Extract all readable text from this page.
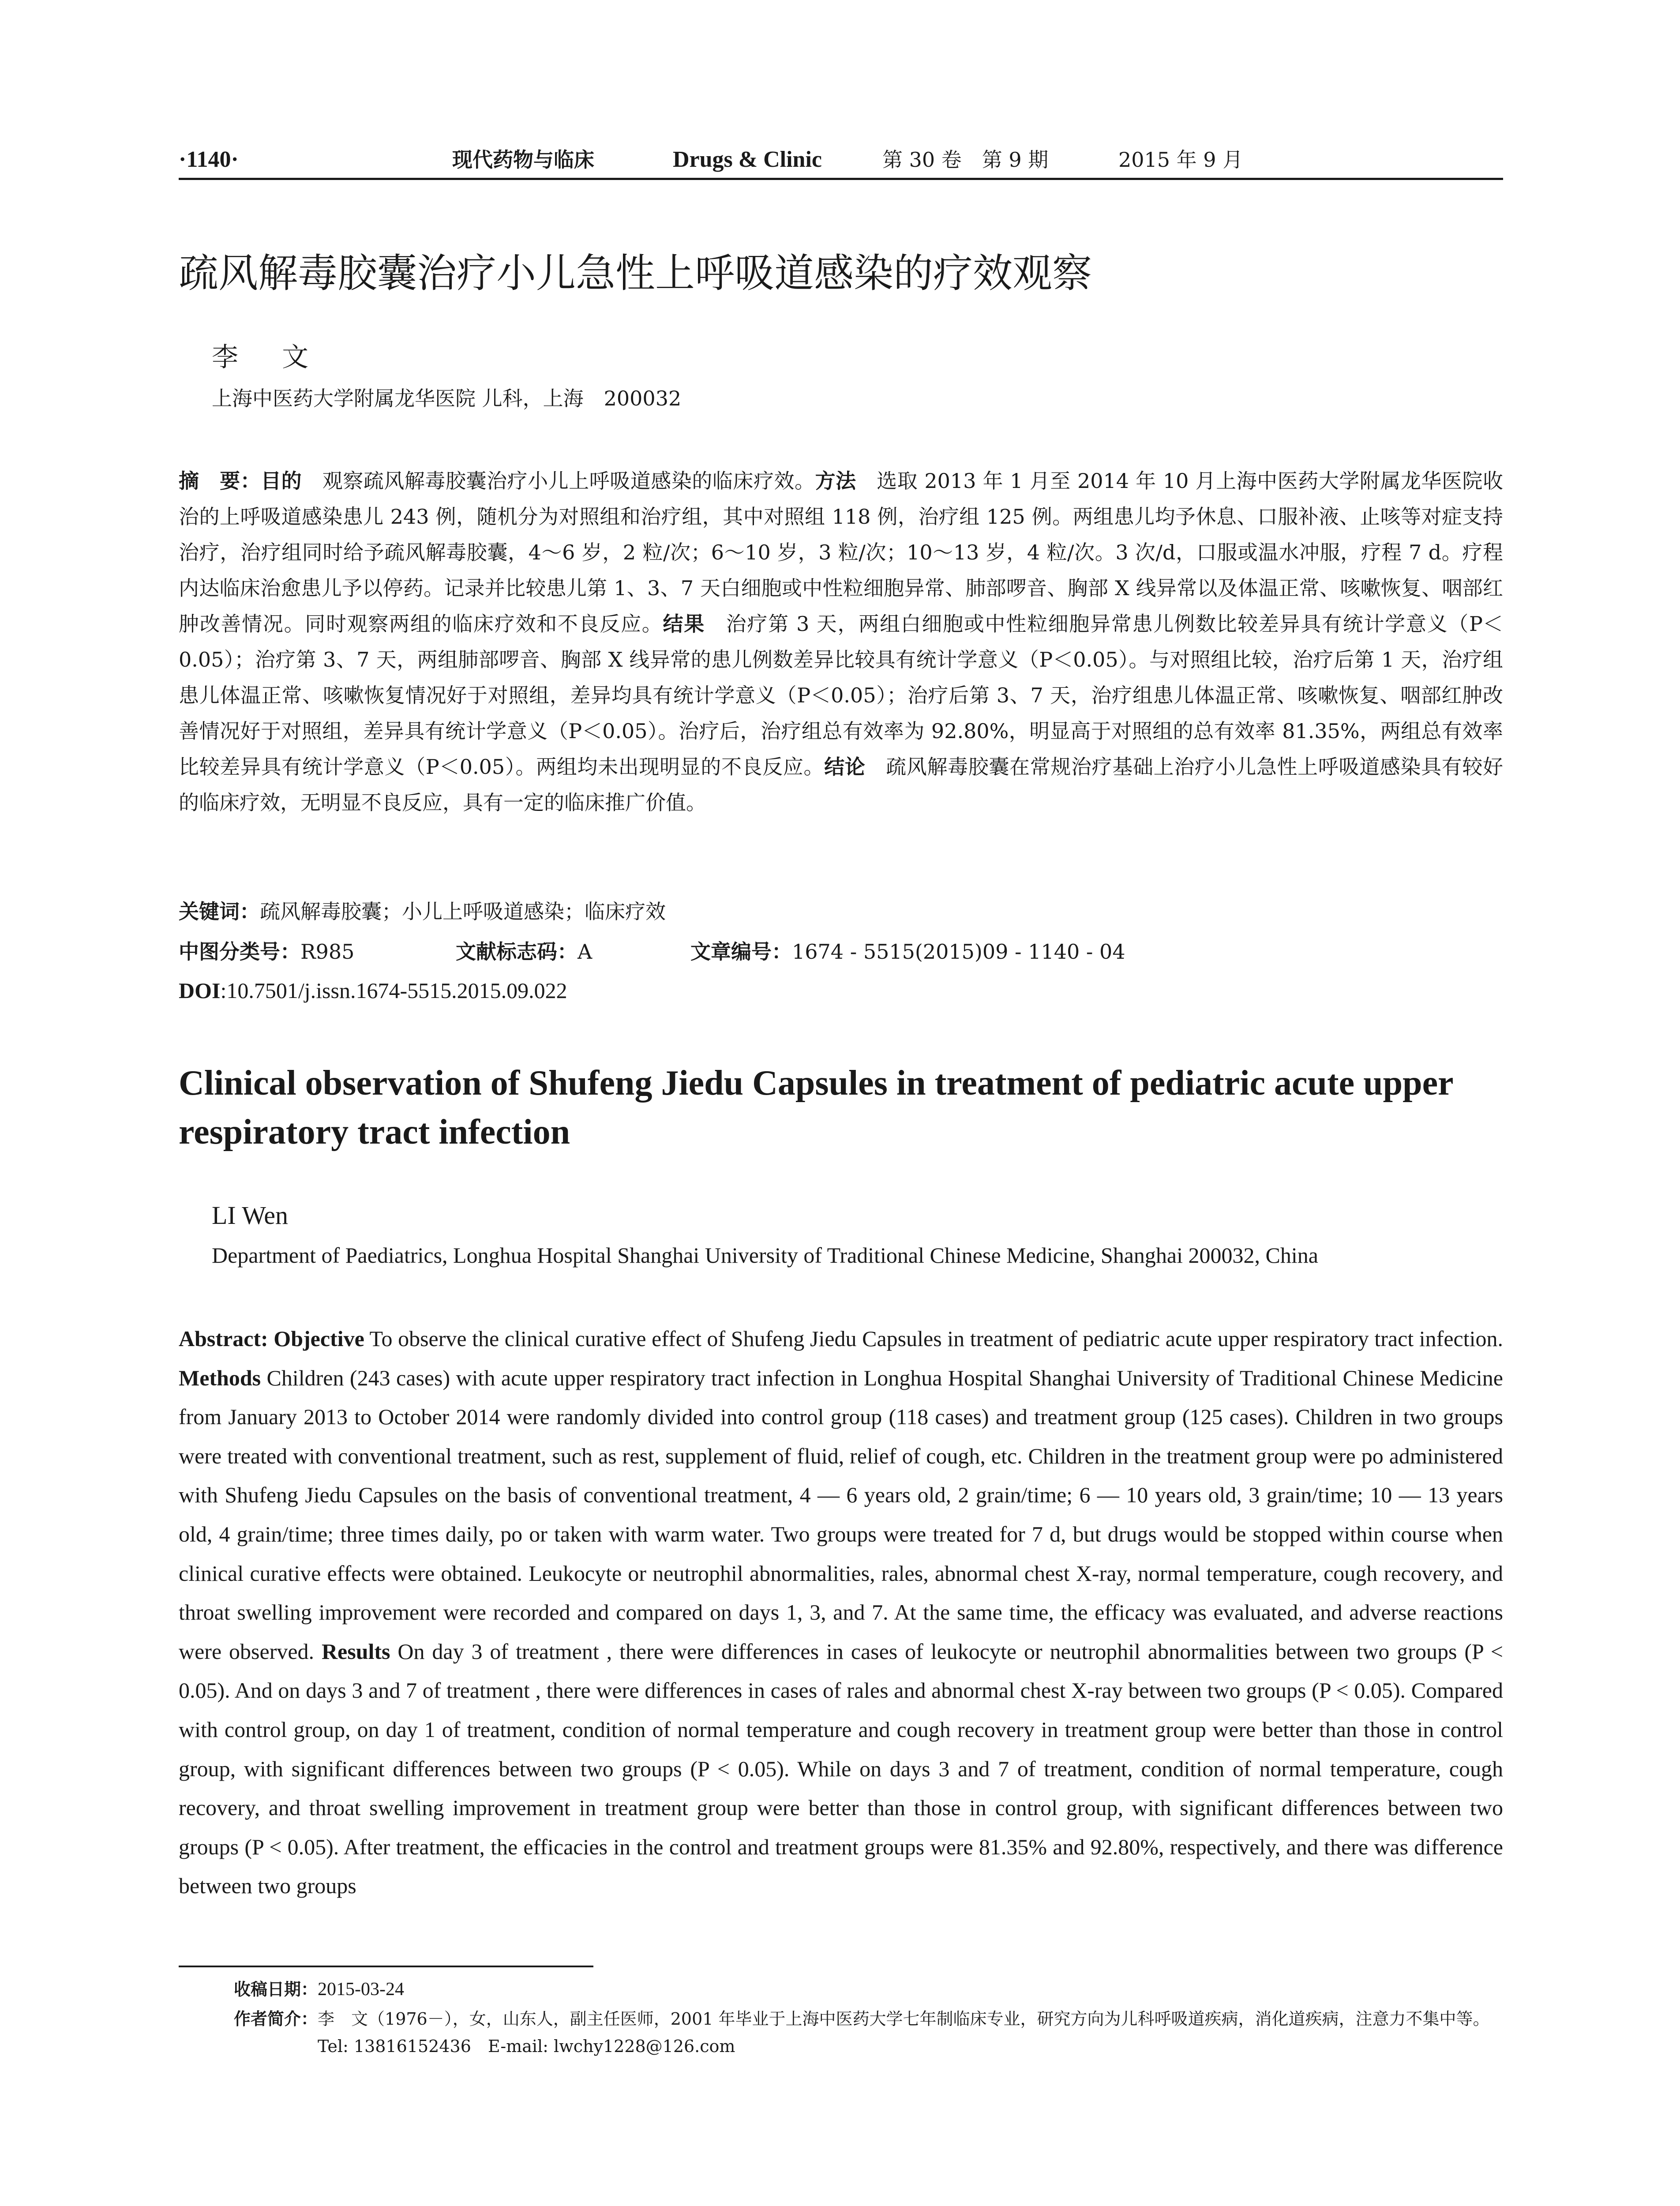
·1140·	现代药物与临床	Drugs & Clinic	第 30 卷　第 9 期	2015 年 9 月
疏风解毒胶囊治疗小儿急性上呼吸道感染的疗效观察
李 文
上海中医药大学附属龙华医院 儿科，上海　200032
摘　要：目的　观察疏风解毒胶囊治疗小儿上呼吸道感染的临床疗效。方法　选取 2013 年 1 月至 2014 年 10 月上海中医药大学附属龙华医院收治的上呼吸道感染患儿 243 例，随机分为对照组和治疗组，其中对照组 118 例，治疗组 125 例。两组患儿均予休息、口服补液、止咳等对症支持治疗，治疗组同时给予疏风解毒胶囊，4～6 岁，2 粒/次；6～10 岁，3 粒/次；10～13 岁，4 粒/次。3 次/d，口服或温水冲服，疗程 7 d。疗程内达临床治愈患儿予以停药。记录并比较患儿第 1、3、7 天白细胞或中性粒细胞异常、肺部啰音、胸部 X 线异常以及体温正常、咳嗽恢复、咽部红肿改善情况。同时观察两组的临床疗效和不良反应。结果　治疗第 3 天，两组白细胞或中性粒细胞异常患儿例数比较差异具有统计学意义（P＜0.05）；治疗第 3、7 天，两组肺部啰音、胸部 X 线异常的患儿例数差异比较具有统计学意义（P＜0.05）。与对照组比较，治疗后第 1 天，治疗组患儿体温正常、咳嗽恢复情况好于对照组，差异均具有统计学意义（P＜0.05）；治疗后第 3、7 天，治疗组患儿体温正常、咳嗽恢复、咽部红肿改善情况好于对照组，差异具有统计学意义（P＜0.05）。治疗后，治疗组总有效率为 92.80%，明显高于对照组的总有效率 81.35%，两组总有效率比较差异具有统计学意义（P＜0.05）。两组均未出现明显的不良反应。结论　疏风解毒胶囊在常规治疗基础上治疗小儿急性上呼吸道感染具有较好的临床疗效，无明显不良反应，具有一定的临床推广价值。
关键词：疏风解毒胶囊；小儿上呼吸道感染；临床疗效
中图分类号：R985	文献标志码：A	文章编号：1674 - 5515(2015)09 - 1140 - 04
DOI:10.7501/j.issn.1674-5515.2015.09.022
Clinical observation of Shufeng Jiedu Capsules in treatment of pediatric acute upper respiratory tract infection
LI Wen
Department of Paediatrics, Longhua Hospital Shanghai University of Traditional Chinese Medicine, Shanghai 200032, China
Abstract: Objective To observe the clinical curative effect of Shufeng Jiedu Capsules in treatment of pediatric acute upper respiratory tract infection. Methods Children (243 cases) with acute upper respiratory tract infection in Longhua Hospital Shanghai University of Traditional Chinese Medicine from January 2013 to October 2014 were randomly divided into control group (118 cases) and treatment group (125 cases). Children in two groups were treated with conventional treatment, such as rest, supplement of fluid, relief of cough, etc. Children in the treatment group were po administered with Shufeng Jiedu Capsules on the basis of conventional treatment, 4 — 6 years old, 2 grain/time; 6 — 10 years old, 3 grain/time; 10 — 13 years old, 4 grain/time; three times daily, po or taken with warm water. Two groups were treated for 7 d, but drugs would be stopped within course when clinical curative effects were obtained. Leukocyte or neutrophil abnormalities, rales, abnormal chest X-ray, normal temperature, cough recovery, and throat swelling improvement were recorded and compared on days 1, 3, and 7. At the same time, the efficacy was evaluated, and adverse reactions were observed. Results On day 3 of treatment , there were differences in cases of leukocyte or neutrophil abnormalities between two groups (P < 0.05). And on days 3 and 7 of treatment , there were differences in cases of rales and abnormal chest X-ray between two groups (P < 0.05). Compared with control group, on day 1 of treatment, condition of normal temperature and cough recovery in treatment group were better than those in control group, with significant differences between two groups (P < 0.05). While on days 3 and 7 of treatment, condition of normal temperature, cough recovery, and throat swelling improvement in treatment group were better than those in control group, with significant differences between two groups (P < 0.05). After treatment, the efficacies in the control and treatment groups were 81.35% and 92.80%, respectively, and there was difference between two groups
收稿日期：2015-03-24
作者简介： 李　文（1976－），女，山东人，副主任医师，2001 年毕业于上海中医药大学七年制临床专业，研究方向为儿科呼吸道疾病，消化道疾病，注意力不集中等。Tel: 13816152436　E-mail: lwchy1228@126.com
